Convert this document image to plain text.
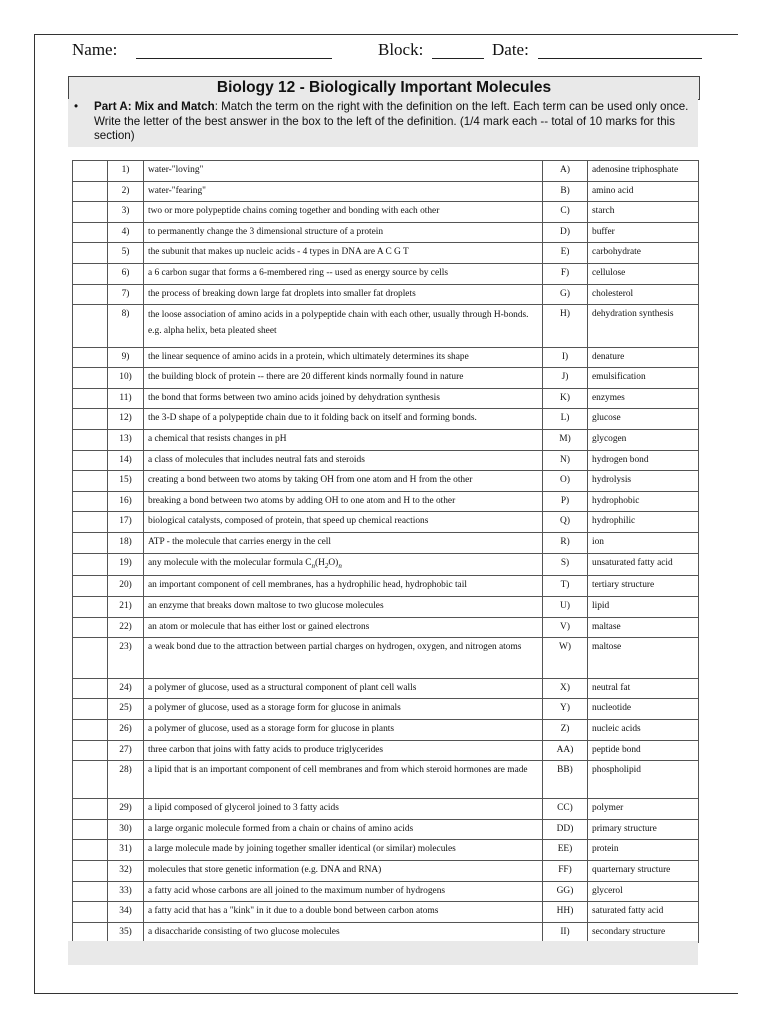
Name:	Block:	Date:
Biology 12 - Biologically Important Molecules
• Part A: Mix and Match: Match the term on the right with the definition on the left. Each term can be used only once. Write the letter of the best answer in the box to the left of the definition. (1/4 mark each -- total of 10 marks for this section)
	1)	water-"loving"	A)	adenosine triphosphate
	2)	water-"fearing"	B)	amino acid
	3)	two or more polypeptide chains coming together and bonding with each other	C)	starch
	4)	to permanently change the 3 dimensional structure of a protein	D)	buffer
	5)	the subunit that makes up nucleic acids - 4 types in DNA are A C G T	E)	carbohydrate
	6)	a 6 carbon sugar that forms a 6-membered ring -- used as energy source by cells	F)	cellulose
	7)	the process of breaking down large fat droplets into smaller fat droplets	G)	cholesterol
	8)	the loose association of amino acids in a polypeptide chain with each other, usually through H-bonds. e.g. alpha helix, beta pleated sheet	H)	dehydration synthesis
	9)	the linear sequence of amino acids in a protein, which ultimately determines its shape	I)	denature
	10)	the building block of protein -- there are 20 different kinds normally found in nature	J)	emulsification
	11)	the bond that forms between two amino acids joined by dehydration synthesis	K)	enzymes
	12)	the 3-D shape of a polypeptide chain due to it folding back on itself and forming bonds.	L)	glucose
	13)	a chemical that resists changes in pH	M)	glycogen
	14)	a class of molecules that includes neutral fats and steroids	N)	hydrogen bond
	15)	creating a bond between two atoms by taking OH from one atom and H from the other	O)	hydrolysis
	16)	breaking a bond between two atoms by adding OH to one atom and H to the other	P)	hydrophobic
	17)	biological catalysts, composed of protein, that speed up chemical reactions	Q)	hydrophilic
	18)	ATP - the molecule that carries energy in the cell	R)	ion
	19)	any molecule with the molecular formula $C_n(H_2O)_n$	S)	unsaturated fatty acid
	20)	an important component of cell membranes, has a hydrophilic head, hydrophobic tail	T)	tertiary structure
	21)	an enzyme that breaks down maltose to two glucose molecules	U)	lipid
	22)	an atom or molecule that has either lost or gained electrons	V)	maltase
	23)	a weak bond due to the attraction between partial charges on hydrogen, oxygen, and nitrogen atoms	W)	maltose
	24)	a polymer of glucose, used as a structural component of plant cell walls	X)	neutral fat
	25)	a polymer of glucose, used as a storage form for glucose in animals	Y)	nucleotide
	26)	a polymer of glucose, used as a storage form for glucose in plants	Z)	nucleic acids
	27)	three carbon that joins with fatty acids to produce triglycerides	AA)	peptide bond
	28)	a lipid that is an important component of cell membranes and from which steroid hormones are made	BB)	phospholipid
	29)	a lipid composed of glycerol joined to 3 fatty acids	CC)	polymer
	30)	a large organic molecule formed from a chain or chains of amino acids	DD)	primary structure
	31)	a large molecule made by joining together smaller identical (or similar) molecules	EE)	protein
	32)	molecules that store genetic information (e.g. DNA and RNA)	FF)	quarternary structure
	33)	a fatty acid whose carbons are all joined to the maximum number of hydrogens	GG)	glycerol
	34)	a fatty acid that has a "kink" in it due to a double bond between carbon atoms	HH)	saturated fatty acid
	35)	a disaccharide consisting of two glucose molecules	II)	secondary structure
